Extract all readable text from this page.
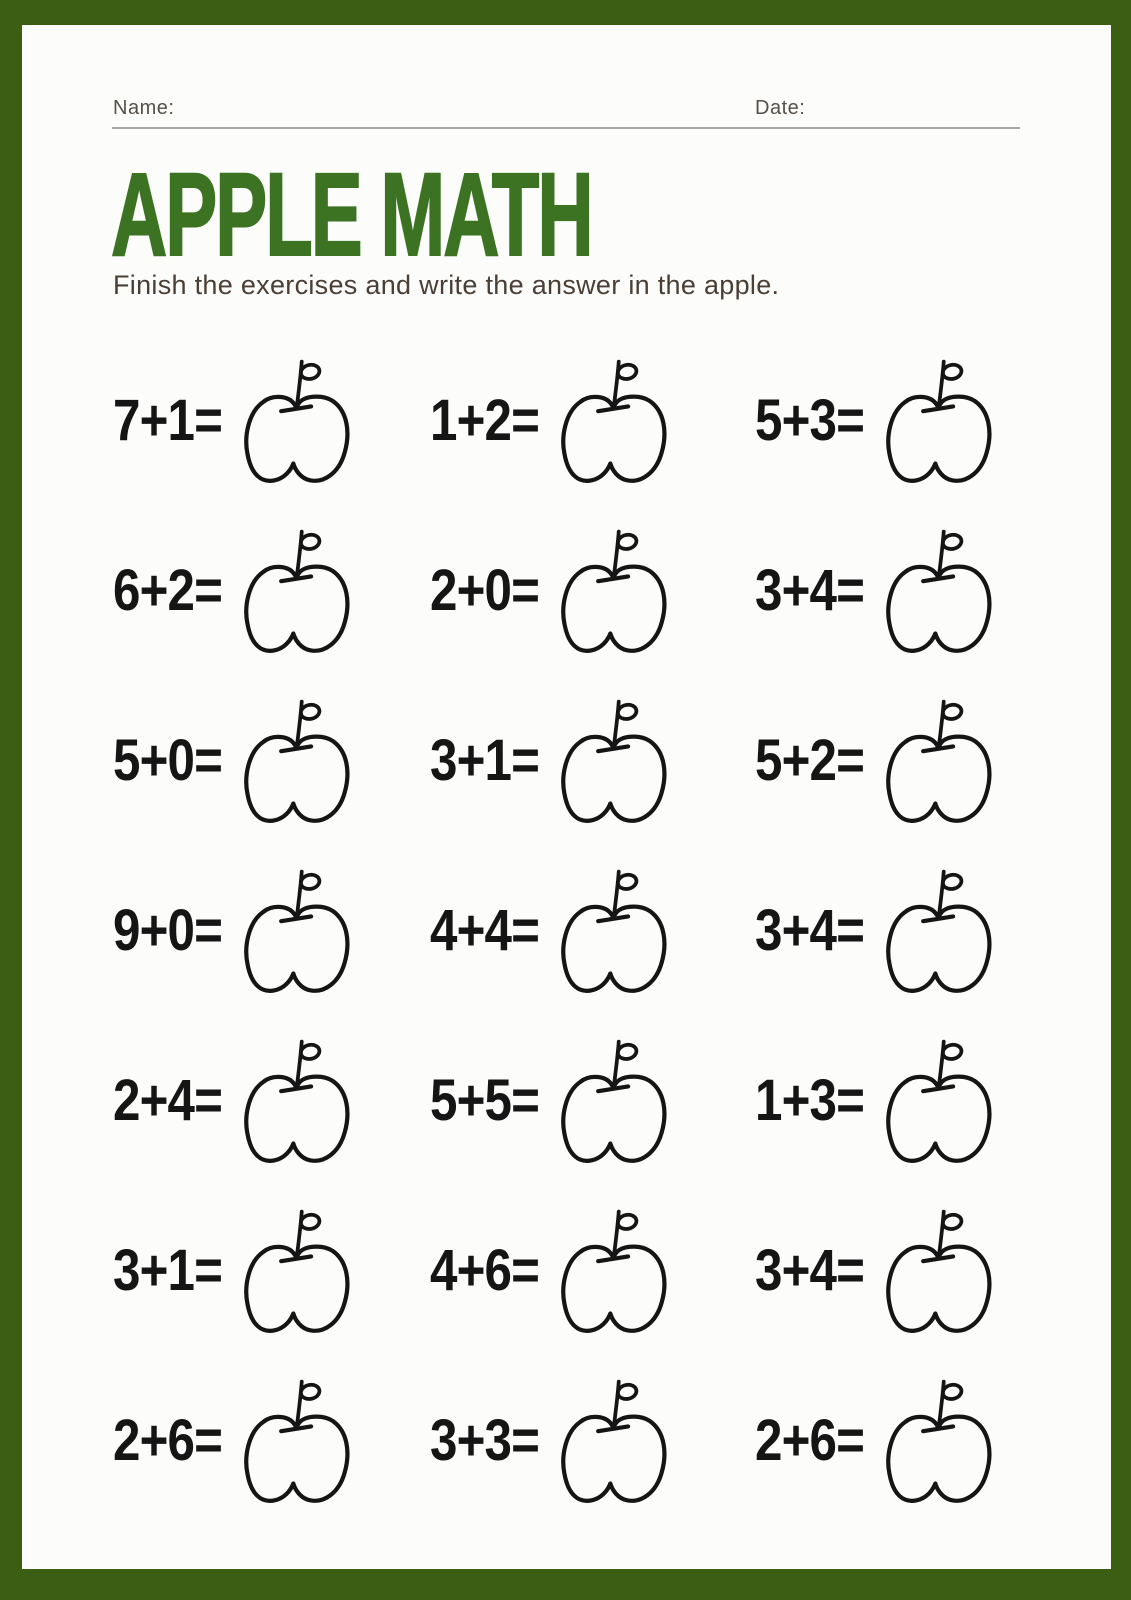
Name:	Date:
APPLE MATH
Finish the exercises and write the answer in the apple.
7+1=	1+2=	5+3=
6+2=	2+0=	3+4=
5+0=	3+1=	5+2=
9+0=	4+4=	3+4=
2+4=	5+5=	1+3=
3+1=	4+6=	3+4=
2+6=	3+3=	2+6=
